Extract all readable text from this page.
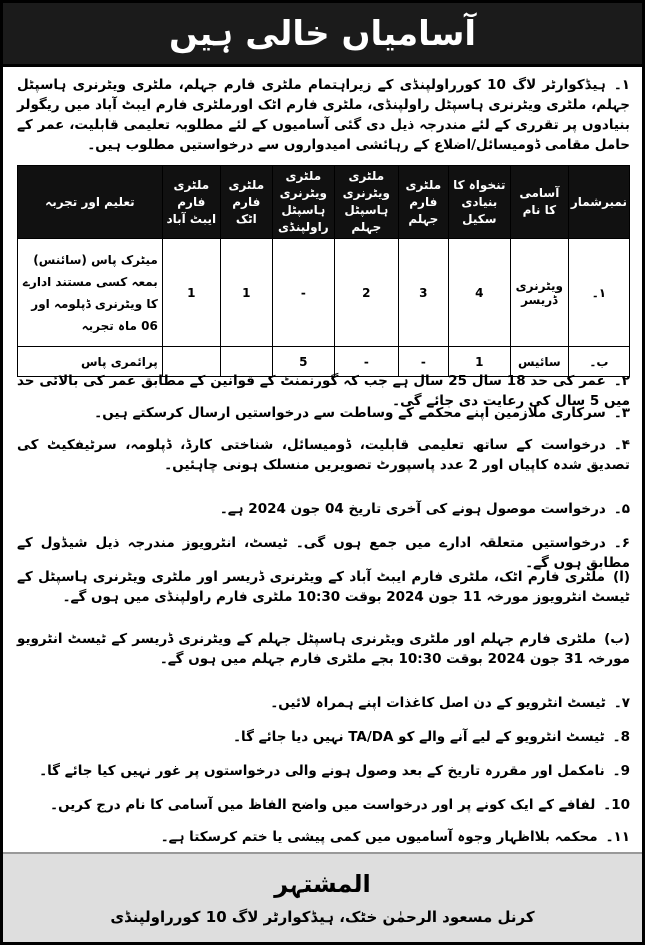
آسامیاں خالی ہیں

۱۔ہیڈکوارٹر لاگ 10 کورراولپنڈی کے زیراہتمام ملٹری فارم جہلم، ملٹری ویٹرنری ہاسپٹل جہلم، ملٹری ویٹرنری ہاسپٹل راولپنڈی، ملٹری فارم اٹک اورملٹری فارم ایبٹ آباد میں ریگولر بنیادوں پر تقرری کے لئے مندرجہ ذیل دی گئی آسامیوں کے لئے مطلوبہ تعلیمی قابلیت، عمر کے حامل مقامی ڈومیسائل/اضلاع کے رہائشی امیدواروں سے درخواستیں مطلوب ہیں۔

نمبرشمار	آسامی کا نام	تنخواہ کا بنیادی سکیل	ملٹری فارم جہلم	ملٹری ویٹرنری ہاسپٹل جہلم	ملٹری ویٹرنری ہاسپٹل راولپنڈی	ملٹری فارم اٹک	ملٹری فارم ایبٹ آباد	تعلیم اور تجربہ
۱۔	ویٹرنری ڈریسر	4	3	2	-	1	1	میٹرک پاس (سائنس) بمعہ کسی مستند ادارے کا ویٹرنری ڈپلومہ اور 06 ماہ تجربہ
ب۔	سائیس	1	-	-	5			پرائمری پاس

۲۔عمر کی حد 18 سال 25 سال ہے جب کہ گورنمنٹ کے قوانین کے مطابق عمر کی بالائی حد میں 5 سال کی رعایت دی جائے گی۔

۳۔سرکاری ملازمین اپنے محکمے کے وساطت سے درخواستیں ارسال کرسکتے ہیں۔

۴۔درخواست کے ساتھ تعلیمی قابلیت، ڈومیسائل، شناختی کارڈ، ڈپلومہ، سرٹیفکیٹ کی تصدیق شدہ کاپیاں اور 2 عدد پاسپورٹ تصویریں منسلک ہونی چاہئیں۔

۵۔درخواست موصول ہونے کی آخری تاریخ 04 جون 2024 ہے۔

۶۔درخواستیں متعلقہ ادارے میں جمع ہوں گی۔ ٹیسٹ، انٹرویوز مندرجہ ذیل شیڈول کے مطابق ہوں گے۔

(ا)ملٹری فارم اٹک، ملٹری فارم ایبٹ آباد کے ویٹرنری ڈریسر اور ملٹری ویٹرنری ہاسپٹل کے ٹیسٹ انٹرویوز مورخہ 11 جون 2024 بوقت 10:30 ملٹری فارم راولپنڈی میں ہوں گے۔

(ب)ملٹری فارم جہلم اور ملٹری ویٹرنری ہاسپٹل جہلم کے ویٹرنری ڈریسر کے ٹیسٹ انٹرویو مورخہ 31 جون 2024 بوقت 10:30 بجے ملٹری فارم جہلم میں ہوں گے۔

۷۔ٹیسٹ انٹرویو کے دن اصل کاغذات اپنے ہمراہ لائیں۔

8۔ٹیسٹ انٹرویو کے لیے آنے والے کو TA/DA نہیں دیا جائے گا۔

9۔نامکمل اور مقررہ تاریخ کے بعد وصول ہونے والی درخواستوں پر غور نہیں کیا جائے گا۔

10۔لفافے کے ایک کونے پر اور درخواست میں واضح الفاظ میں آسامی کا نام درج کریں۔

۱۱۔محکمہ بلااظہار وجوہ آسامیوں میں کمی پیشی یا ختم کرسکتا ہے۔

المشتہر
کرنل مسعود الرحمٰن خٹک، ہیڈکوارٹر لاگ 10 کورراولپنڈی
